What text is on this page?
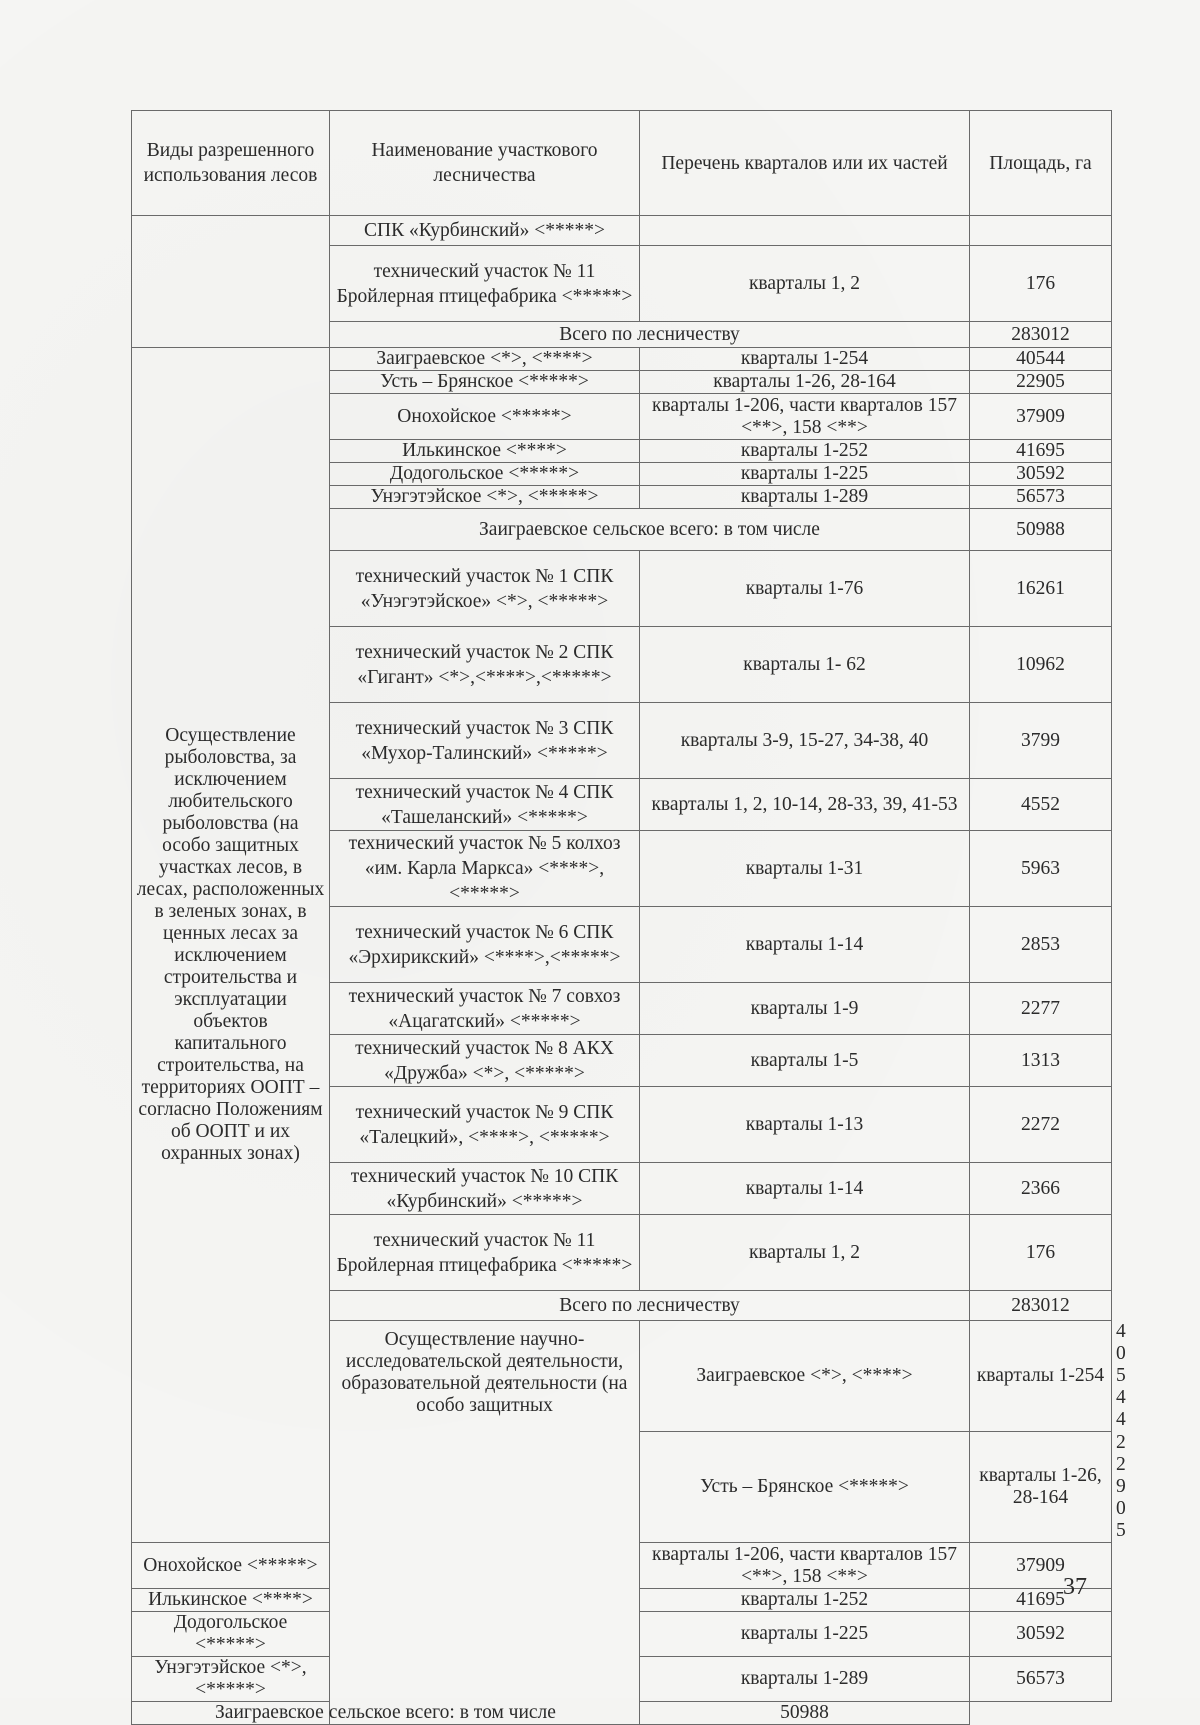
Виды разрешенного использования лесов	Наименование участкового лесничества	Перечень кварталов или их частей	Площадь, га	
	СПК «Курбинский» <*****>			
	технический участок № 11 Бройлерная птицефабрика <*****>	кварталы 1, 2	176	
	Всего по лесничеству		283012	
Осуществление рыболовства, за исключением любительского рыболовства (на особо защитных участках лесов, в лесах, расположенных в зеленых зонах, в ценных лесах за исключением строительства и эксплуатации объектов капитального строительства, на территориях ООПТ – согласно Положениям об ООПТ и их охранных зонах)	Заиграевское <*>, <****>	кварталы 1-254	40544	
	Усть – Брянское <*****>	кварталы 1-26, 28-164	22905	
	Онохойское <*****>	кварталы 1-206, части кварталов 157 <**>, 158 <**>	37909	
	Илькинское <****>	кварталы 1-252	41695	
	Додогольское <*****>	кварталы 1-225	30592	
	Унэгэтэйское <*>, <*****>	кварталы 1-289	56573	
	Заиграевское сельское всего: в том числе		50988	
	технический участок № 1 СПК «Унэгэтэйское» <*>, <*****>	кварталы 1-76	16261	
	технический участок № 2 СПК «Гигант» <*>,<****>,<*****>	кварталы 1- 62	10962	
	технический участок № 3 СПК «Мухор-Талинский» <*****>	кварталы 3-9, 15-27, 34-38, 40	3799	
	технический участок № 4 СПК «Ташеланский» <*****>	кварталы 1, 2, 10-14, 28-33, 39, 41-53	4552	
	технический участок № 5 колхоз «им. Карла Маркса» <****>, <*****>	кварталы 1-31	5963	
	технический участок № 6 СПК «Эрхирикский» <****>,<*****>	кварталы 1-14	2853	
	технический участок № 7 совхоз «Ацагатский» <*****>	кварталы 1-9	2277	
	технический участок № 8 АКХ «Дружба» <*>, <*****>	кварталы 1-5	1313	
	технический участок № 9 СПК «Талецкий», <****>, <*****>	кварталы 1-13	2272	
	технический участок № 10 СПК «Курбинский» <*****>	кварталы 1-14	2366	
	технический участок № 11 Бройлерная птицефабрика <*****>	кварталы 1, 2	176	
	Всего по лесничеству		283012	
	Осуществление научно-исследовательской деятельности, образовательной деятельности (на особо защитных	Заиграевское <*>, <****>	кварталы 1-254	40544
		Усть – Брянское <*****>	кварталы 1-26, 28-164	22905
Онохойское <*****>		кварталы 1-206, части кварталов 157 <**>, 158 <**>	37909	
Илькинское <****>		кварталы 1-252	41695	
Додогольское <*****>		кварталы 1-225	30592	
Унэгэтэйское <*>, <*****>		кварталы 1-289	56573	
Заиграевское сельское всего: в том числе		50988		
37
